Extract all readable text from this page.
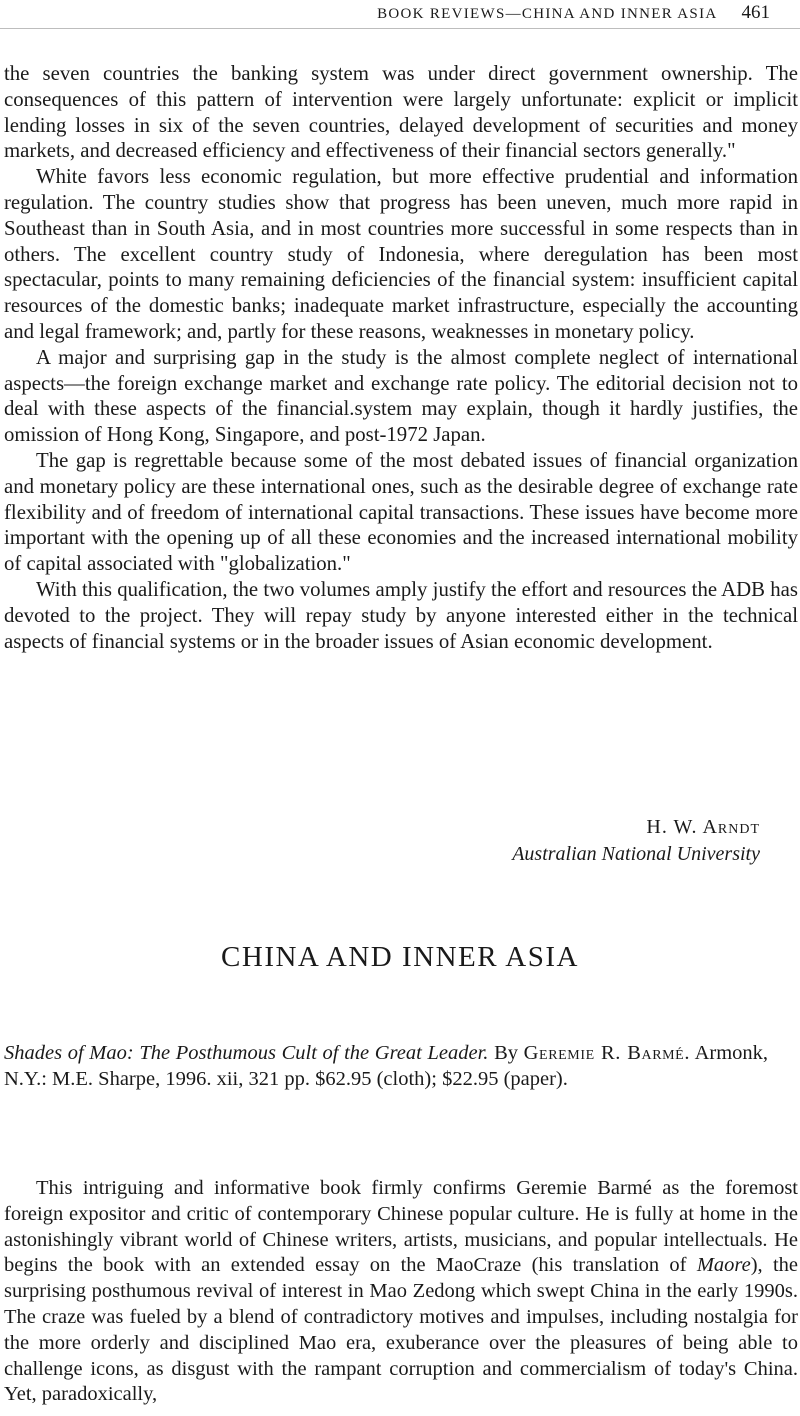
BOOK REVIEWS—CHINA AND INNER ASIA 461

the seven countries the banking system was under direct government ownership. The consequences of this pattern of intervention were largely unfortunate: explicit or implicit lending losses in six of the seven countries, delayed development of securities and money markets, and decreased efficiency and effectiveness of their financial sectors generally."

White favors less economic regulation, but more effective prudential and information regulation. The country studies show that progress has been uneven, much more rapid in Southeast than in South Asia, and in most countries more successful in some respects than in others. The excellent country study of Indonesia, where deregulation has been most spectacular, points to many remaining deficiencies of the financial system: insufficient capital resources of the domestic banks; inadequate market infrastructure, especially the accounting and legal framework; and, partly for these reasons, weaknesses in monetary policy.

A major and surprising gap in the study is the almost complete neglect of international aspects—the foreign exchange market and exchange rate policy. The editorial decision not to deal with these aspects of the financial.system may explain, though it hardly justifies, the omission of Hong Kong, Singapore, and post-1972 Japan.

The gap is regrettable because some of the most debated issues of financial organization and monetary policy are these international ones, such as the desirable degree of exchange rate flexibility and of freedom of international capital transactions. These issues have become more important with the opening up of all these economies and the increased international mobility of capital associated with "globalization."

With this qualification, the two volumes amply justify the effort and resources the ADB has devoted to the project. They will repay study by anyone interested either in the technical aspects of financial systems or in the broader issues of Asian economic development.

H. W. Arndt
Australian National University
CHINA AND INNER ASIA
Shades of Mao: The Posthumous Cult of the Great Leader. By Geremie R. Barmé. Armonk, N.Y.: M.E. Sharpe, 1996. xii, 321 pp. $62.95 (cloth); $22.95 (paper).

This intriguing and informative book firmly confirms Geremie Barmé as the foremost foreign expositor and critic of contemporary Chinese popular culture. He is fully at home in the astonishingly vibrant world of Chinese writers, artists, musicians, and popular intellectuals. He begins the book with an extended essay on the MaoCraze (his translation of Maore), the surprising posthumous revival of interest in Mao Zedong which swept China in the early 1990s. The craze was fueled by a blend of contradictory motives and impulses, including nostalgia for the more orderly and disciplined Mao era, exuberance over the pleasures of being able to challenge icons, as disgust with the rampant corruption and commercialism of today's China. Yet, paradoxically,
